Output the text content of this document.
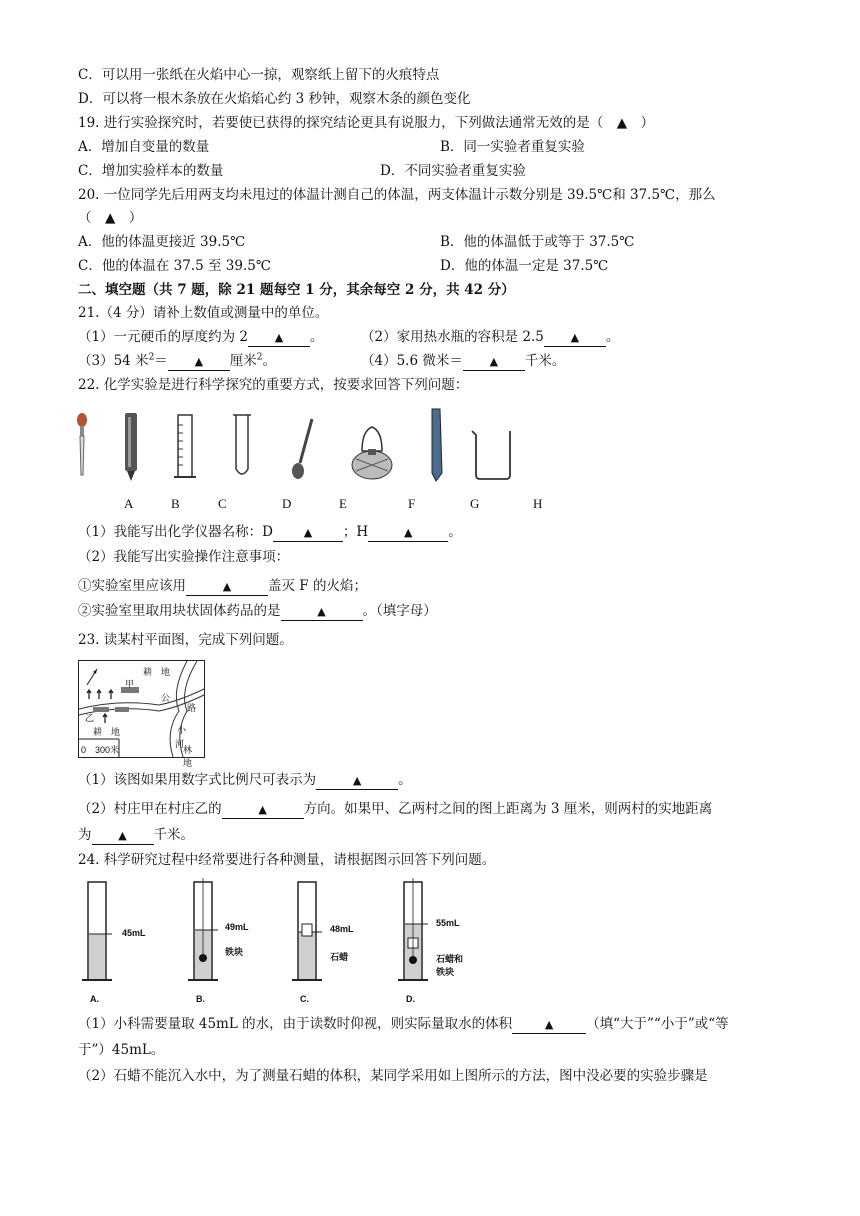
C．可以用一张纸在火焰中心一掠，观察纸上留下的火痕特点
D．可以将一根木条放在火焰焰心约 3 秒钟，观察木条的颜色变化
19. 进行实验探究时，若要使已获得的探究结论更具有说服力，下列做法通常无效的是（　▲　）
A．增加自变量的数量	B．同一实验者重复实验
C．增加实验样本的数量	D．不同实验者重复实验
20. 一位同学先后用两支均未甩过的体温计测自己的体温，两支体温计示数分别是 39.5℃和 37.5℃，那么
（　▲　）
A．他的体温更接近 39.5℃	B．他的体温低于或等于 37.5℃
C．他的体温在 37.5 至 39.5℃	D．他的体温一定是 37.5℃
二、填空题（共 7 题，除 21 题每空 1 分，其余每空 2 分，共 42 分）
21.（4 分）请补上数值或测量中的单位。
（1）一元硬币的厚度约为 2 ▲ 。	（2）家用热水瓶的容积是 2.5 ▲ 。
（3）54 米$^2$＝ ▲ 厘米$^2$。	（4）5.6 微米＝ ▲ 千米。
22. 化学实验是进行科学探究的重要方式，按要求回答下列问题：
A	B	C	D	E	F	G	H
（1）我能写出化学仪器名称：D	▲ ；H	▲	。
（2）我能写出实验操作注意事项：
①实验室里应该用	▲	盖灭 F 的火焰；
②实验室里取用块状固体药品的是	▲	。（填字母）
23. 读某村平面图，完成下列问题。
耕　地
甲
乙
公
路
小
河
耕　地
林　地
0　300米
（1）该图如果用数字式比例尺可表示为	▲	。
（2）村庄甲在村庄乙的	▲	方向。如果甲、乙两村之间的图上距离为 3 厘米，则两村的实地距离
为 ▲ 千米。
24. 科学研究过程中经常要进行各种测量，请根据图示回答下列问题。
45mL
49mL
铁块
48mL
石蜡
55mL
石蜡和
铁块
A.	B.	C.	D.
（1）小科需要量取 45mL 的水，由于读数时仰视，则实际量取水的体积	▲ （填“大于”“小于”或“等
于”）45mL。
（2）石蜡不能沉入水中，为了测量石蜡的体积，某同学采用如上图所示的方法，图中没必要的实验步骤是
